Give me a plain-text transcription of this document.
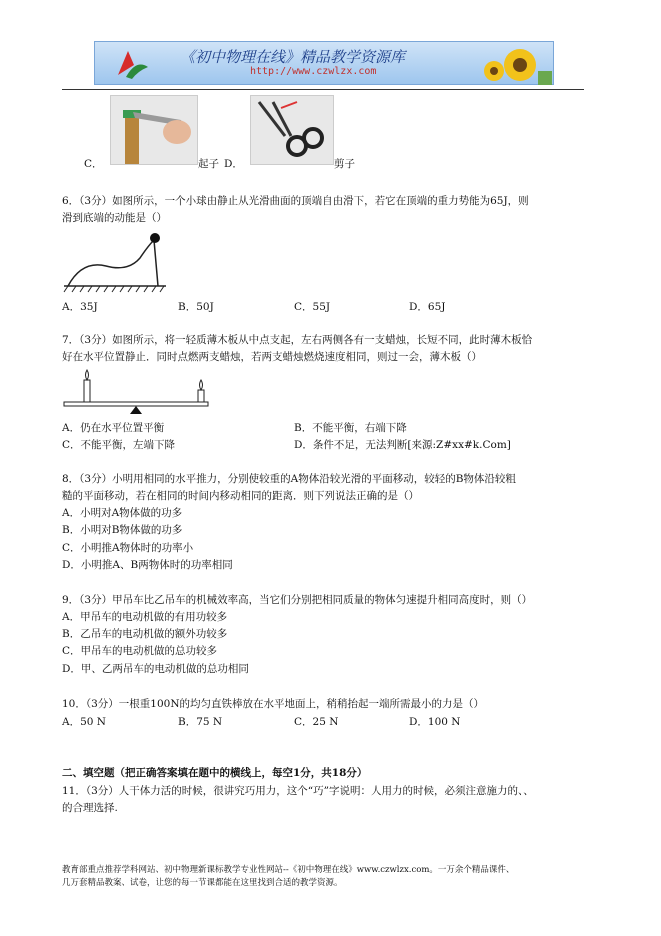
《初中物理在线》精品教学资源库
http://www.czwlzx.com
C．	起子 D．	剪子
6．（3分）如图所示，一个小球由静止从光滑曲面的顶端自由滑下，若它在顶端的重力势能为65J，则
滑到底端的动能是（）
A．35J	B．50J	C．55J	D．65J
7．（3分）如图所示，将一轻质薄木板从中点支起，左右两侧各有一支蜡烛，长短不同，此时薄木板恰
好在水平位置静止．同时点燃两支蜡烛，若两支蜡烛燃烧速度相同，则过一会，薄木板（）
A．仍在水平位置平衡	B．不能平衡，右端下降
C．不能平衡，左端下降	D．条件不足，无法判断[来源:Z#xx#k.Com]
8．（3分）小明用相同的水平推力，分别使较重的A物体沿较光滑的平面移动，较轻的B物体沿较粗
糙的平面移动，若在相同的时间内移动相同的距离．则下列说法正确的是（）
A．小明对A物体做的功多
B．小明对B物体做的功多
C．小明推A物体时的功率小
D．小明推A、B两物体时的功率相同
9．（3分）甲吊车比乙吊车的机械效率高，当它们分别把相同质量的物体匀速提升相同高度时，则（）
A．甲吊车的电动机做的有用功较多
B．乙吊车的电动机做的额外功较多
C．甲吊车的电动机做的总功较多
D．甲、乙两吊车的电动机做的总功相同
10．（3分）一根重100N的均匀直铁棒放在水平地面上，稍稍抬起一端所需最小的力是（）
A．50 N	B．75 N	C．25 N	D．100 N
二、填空题（把正确答案填在题中的横线上，每空1分，共18分）
11．（3分）人干体力活的时候，很讲究巧用力，这个“巧”字说明：人用力的时候，必须注意施力的、、
的合理选择.
教育部重点推荐学科网站、初中物理新课标教学专业性网站--《初中物理在线》www.czwlzx.com。一万余个精品课件、
几万套精品教案、试卷，让您的每一节课都能在这里找到合适的教学资源。
